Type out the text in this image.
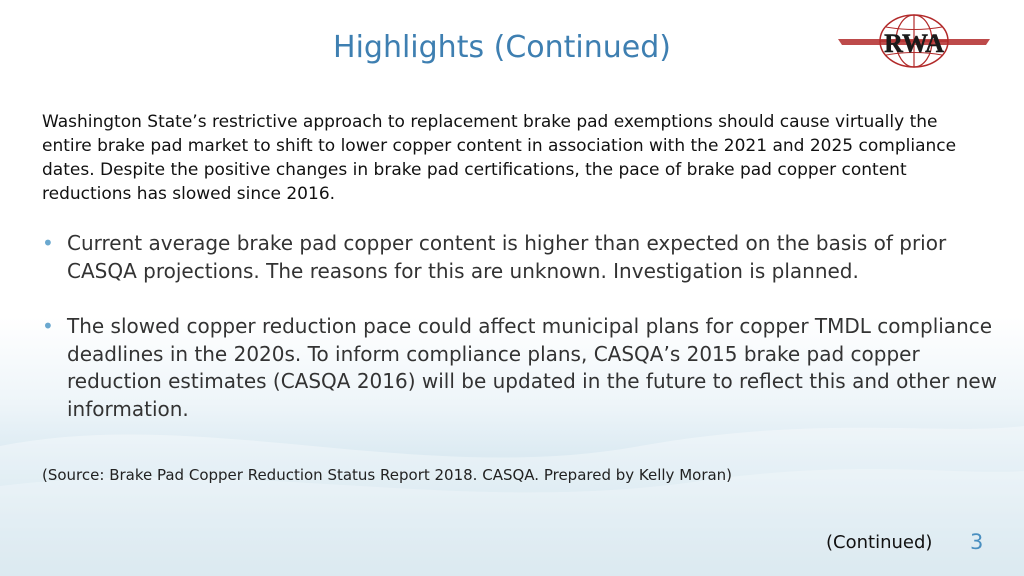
Highlights (Continued)	RWA

Washington State’s restrictive approach to replacement brake pad exemptions should cause virtually the entire brake pad market to shift to lower copper content in association with the 2021 and 2025 compliance dates. Despite the positive changes in brake pad certifications, the pace of brake pad copper content reductions has slowed since 2016.

• Current average brake pad copper content is higher than expected on the basis of prior CASQA projections. The reasons for this are unknown. Investigation is planned.
• The slowed copper reduction pace could affect municipal plans for copper TMDL compliance deadlines in the 2020s. To inform compliance plans, CASQA’s 2015 brake pad copper reduction estimates (CASQA 2016) will be updated in the future to reflect this and other new information.

(Source: Brake Pad Copper Reduction Status Report 2018. CASQA. Prepared by Kelly Moran)

(Continued) 3
